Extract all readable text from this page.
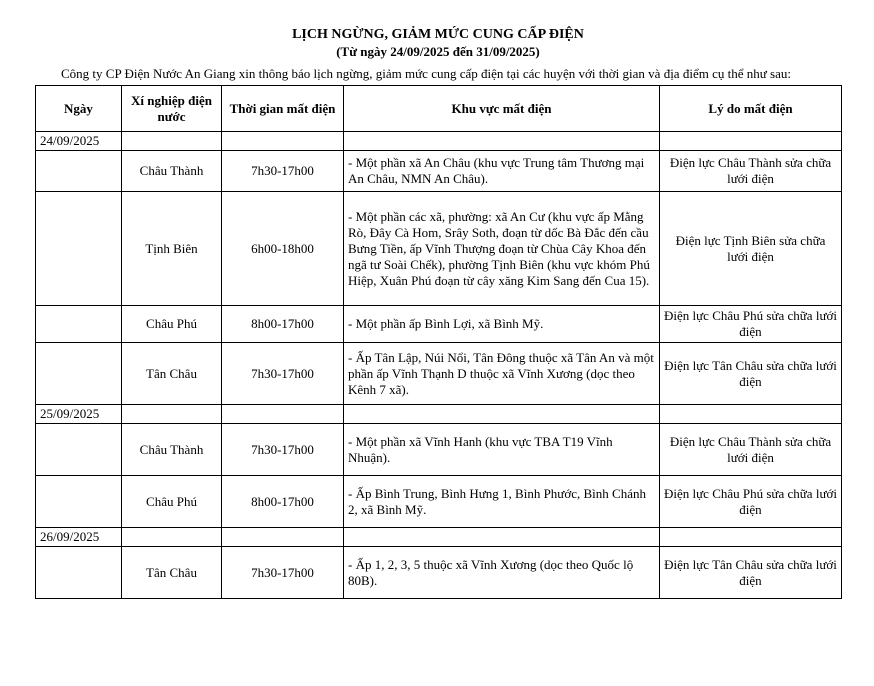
LỊCH NGỪNG, GIẢM MỨC CUNG CẤP ĐIỆN

(Từ ngày 24/09/2025 đến 31/09/2025)

Công ty CP Điện Nước An Giang xin thông báo lịch ngừng, giảm mức cung cấp điện tại các huyện với thời gian và địa điểm cụ thể như sau:

Ngày	Xí nghiệp điện nước	Thời gian mất điện	Khu vực mất điện	Lý do mất điện
24/09/2025				
	Châu Thành	7h30-17h00	- Một phần xã An Châu (khu vực Trung tâm Thương mại An Châu, NMN An Châu).	Điện lực Châu Thành sửa chữa lưới điện
	Tịnh Biên	6h00-18h00	- Một phần các xã, phường: xã An Cư (khu vực ấp Mằng Rò, Đây Cà Hom, Srây Soth, đoạn từ dốc Bà Đắc đến cầu Bưng Tiền, ấp Vĩnh Thượng đoạn từ Chùa Cây Khoa đến ngã tư Soài Chếk), phường Tịnh Biên (khu vực khóm Phú Hiệp, Xuân Phú đoạn từ cây xăng Kim Sang đến Cua 15).	Điện lực Tịnh Biên sửa chữa lưới điện
	Châu Phú	8h00-17h00	- Một phần ấp Bình Lợi, xã Bình Mỹ.	Điện lực Châu Phú sửa chữa lưới điện
	Tân Châu	7h30-17h00	- Ấp Tân Lập, Núi Nổi, Tân Đông thuộc xã Tân An và một phần ấp Vĩnh Thạnh D thuộc xã Vĩnh Xương (dọc theo Kênh 7 xã).	Điện lực Tân Châu sửa chữa lưới điện
25/09/2025				
	Châu Thành	7h30-17h00	- Một phần xã Vĩnh Hanh (khu vực TBA T19 Vĩnh Nhuận).	Điện lực Châu Thành sửa chữa lưới điện
	Châu Phú	8h00-17h00	- Ấp Bình Trung, Bình Hưng 1, Bình Phước, Bình Chánh 2, xã Bình Mỹ.	Điện lực Châu Phú sửa chữa lưới điện
26/09/2025				
	Tân Châu	7h30-17h00	- Ấp 1, 2, 3, 5 thuộc xã Vĩnh Xương (dọc theo Quốc lộ 80B).	Điện lực Tân Châu sửa chữa lưới điện
